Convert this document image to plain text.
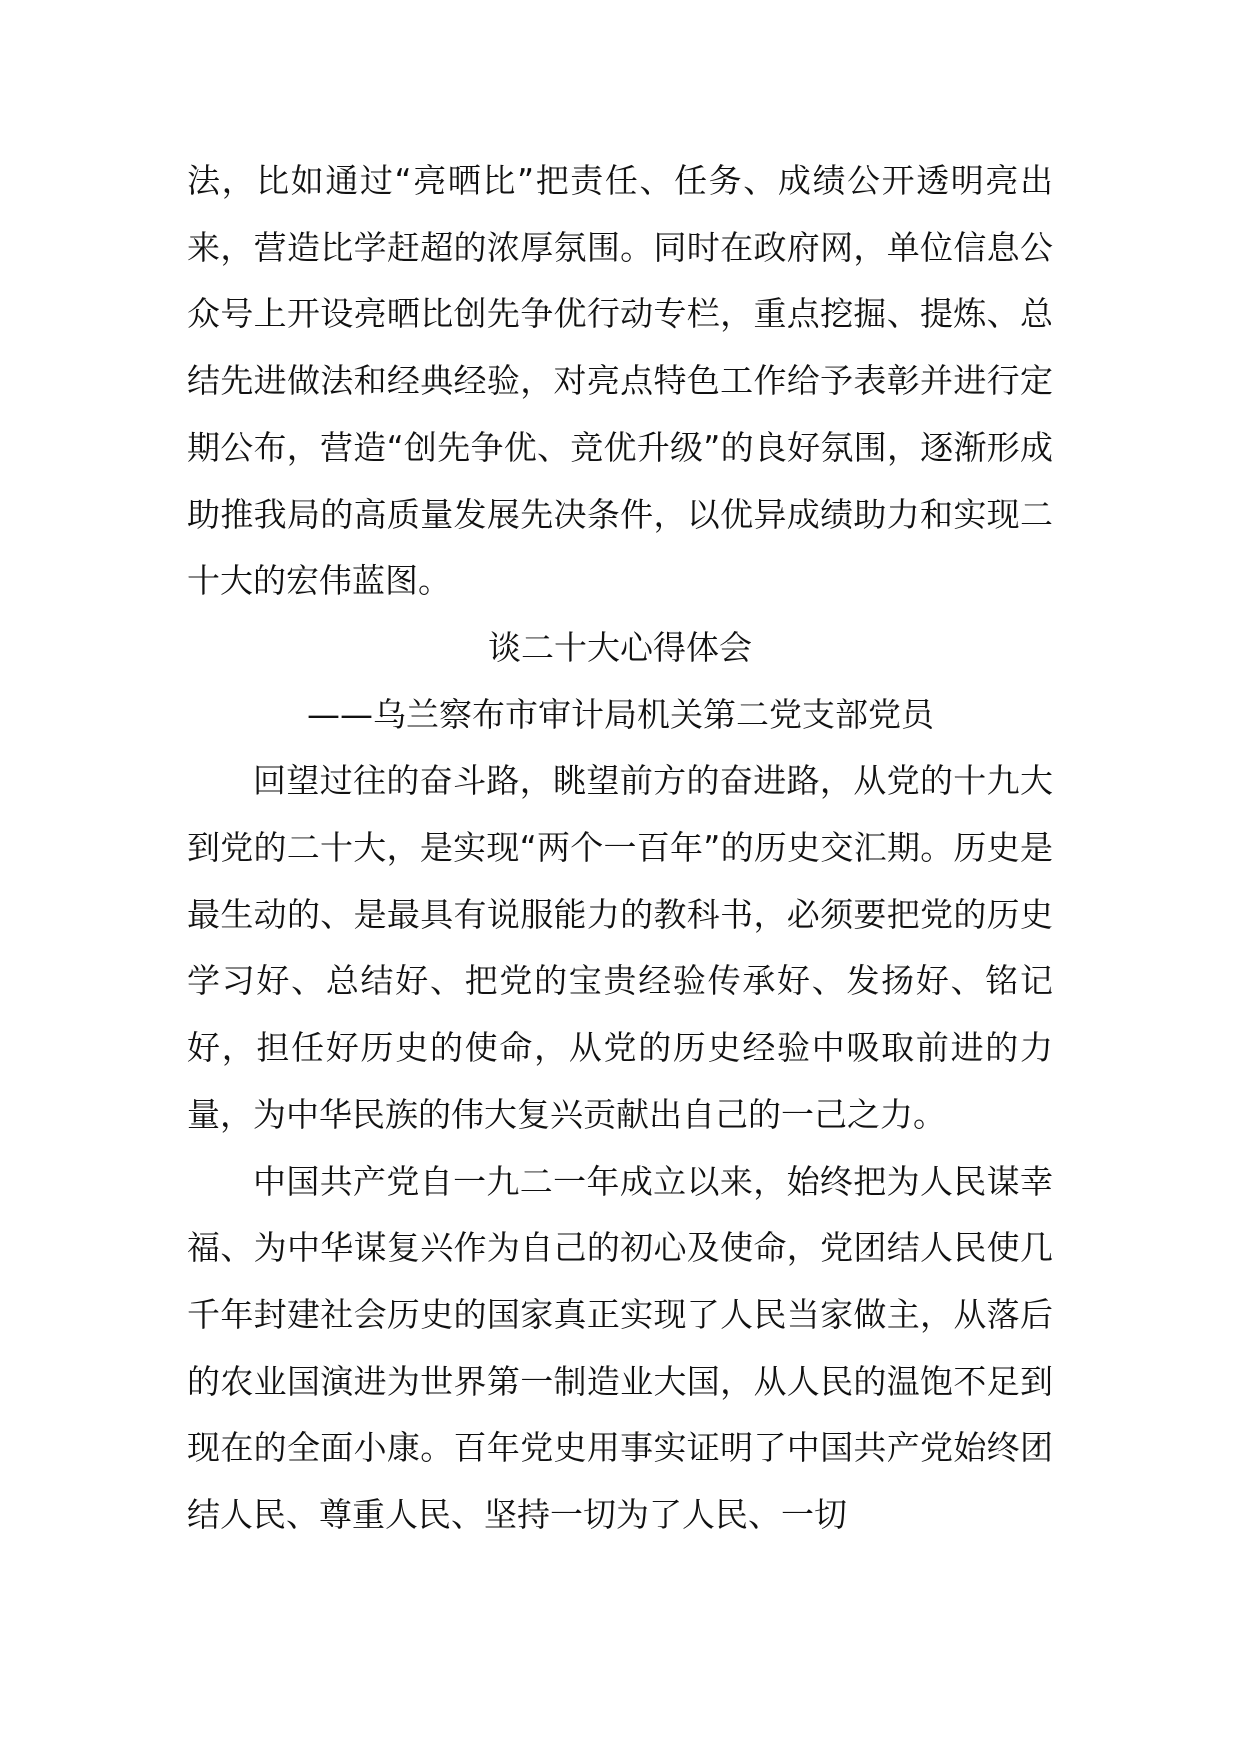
法，比如通过“亮晒比”把责任、任务、成绩公开透明亮出来，营造比学赶超的浓厚氛围。同时在政府网，单位信息公众号上开设亮晒比创先争优行动专栏，重点挖掘、提炼、总结先进做法和经典经验，对亮点特色工作给予表彰并进行定期公布，营造“创先争优、竞优升级”的良好氛围，逐渐形成助推我局的高质量发展先决条件，以优异成绩助力和实现二十大的宏伟蓝图。

谈二十大心得体会

——乌兰察布市审计局机关第二党支部党员

回望过往的奋斗路，眺望前方的奋进路，从党的十九大到党的二十大，是实现“两个一百年”的历史交汇期。历史是最生动的、是最具有说服能力的教科书，必须要把党的历史学习好、总结好、把党的宝贵经验传承好、发扬好、铭记好，担任好历史的使命，从党的历史经验中吸取前进的力量，为中华民族的伟大复兴贡献出自己的一己之力。

中国共产党自一九二一年成立以来，始终把为人民谋幸福、为中华谋复兴作为自己的初心及使命，党团结人民使几千年封建社会历史的国家真正实现了人民当家做主，从落后的农业国演进为世界第一制造业大国，从人民的温饱不足到现在的全面小康。百年党史用事实证明了中国共产党始终团结人民、尊重人民、坚持一切为了人民、一切
